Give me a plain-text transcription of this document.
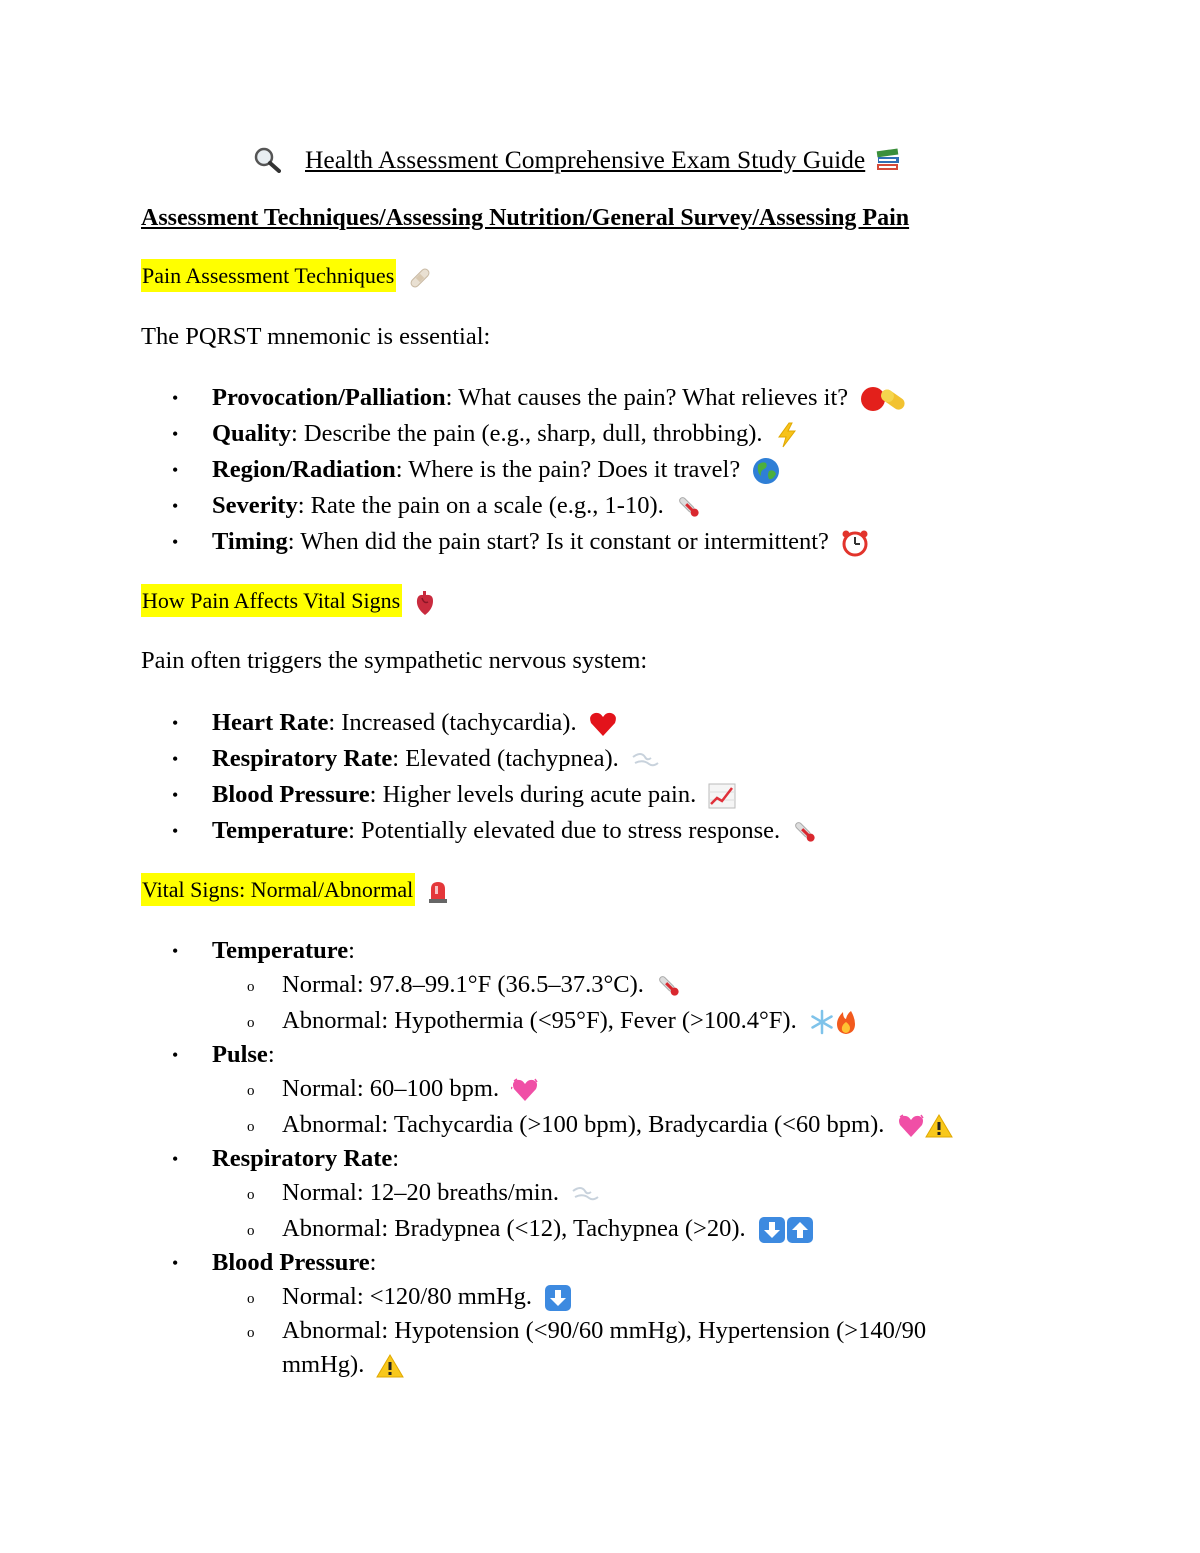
Health Assessment Comprehensive Exam Study Guide
Assessment Techniques/Assessing Nutrition/General Survey/Assessing Pain
Pain Assessment Techniques
The PQRST mnemonic is essential:
• Provocation/Palliation: What causes the pain? What relieves it?
• Quality: Describe the pain (e.g., sharp, dull, throbbing).
• Region/Radiation: Where is the pain? Does it travel?
• Severity: Rate the pain on a scale (e.g., 1-10).
• Timing: When did the pain start? Is it constant or intermittent?
How Pain Affects Vital Signs
Pain often triggers the sympathetic nervous system:
• Heart Rate: Increased (tachycardia).
• Respiratory Rate: Elevated (tachypnea).
• Blood Pressure: Higher levels during acute pain.
• Temperature: Potentially elevated due to stress response.
Vital Signs: Normal/Abnormal
• Temperature:
o Normal: 97.8–99.1°F (36.5–37.3°C).
o Abnormal: Hypothermia (<95°F), Fever (>100.4°F).
• Pulse:
o Normal: 60–100 bpm.
o Abnormal: Tachycardia (>100 bpm), Bradycardia (<60 bpm).
• Respiratory Rate:
o Normal: 12–20 breaths/min.
o Abnormal: Bradypnea (<12), Tachypnea (>20).
• Blood Pressure:
o Normal: <120/80 mmHg.
o Abnormal: Hypotension (<90/60 mmHg), Hypertension (>140/90
mmHg).
